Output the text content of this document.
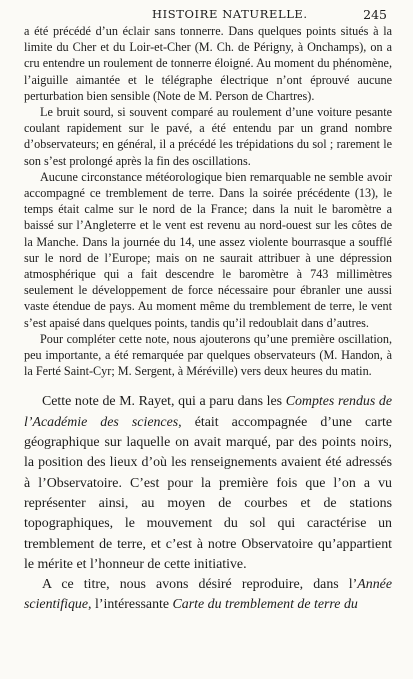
HISTOIRE NATURELLE.	245

a été précédé d’un éclair sans tonnerre. Dans quelques points situés à la limite du Cher et du Loir-et-Cher (M. Ch. de Périgny, à Onchamps), on a cru entendre un roulement de tonnerre éloigné. Au moment du phénomène, l’aiguille aimantée et le télégraphe électrique n’ont éprouvé aucune perturbation bien sensible (Note de M. Person de Chartres).

Le bruit sourd, si souvent comparé au roulement d’une voiture pesante coulant rapidement sur le pavé, a été entendu par un grand nombre d’observateurs; en général, il a précédé les trépidations du sol ; rarement le son s’est prolongé après la fin des oscillations.

Aucune circonstance météorologique bien remarquable ne semble avoir accompagné ce tremblement de terre. Dans la soirée précédente (13), le temps était calme sur le nord de la France; dans la nuit le baromètre a baissé sur l’Angleterre et le vent est revenu au nord-ouest sur les côtes de la Manche. Dans la journée du 14, une assez violente bourrasque a soufflé sur le nord de l’Europe; mais on ne saurait attribuer à une dépression atmosphérique qui a fait descendre le baromètre à 743 millimètres seulement le développement de force nécessaire pour ébranler une aussi vaste étendue de pays. Au moment même du tremblement de terre, le vent s’est apaisé dans quelques points, tandis qu’il redoublait dans d’autres.

Pour compléter cette note, nous ajouterons qu’une première oscillation, peu importante, a été remarquée par quelques observateurs (M. Handon, à la Ferté Saint-Cyr; M. Sergent, à Méréville) vers deux heures du matin.

Cette note de M. Rayet, qui a paru dans les Comptes rendus de l’Académie des sciences, était accompagnée d’une carte géographique sur laquelle on avait marqué, par des points noirs, la position des lieux d’où les renseignements avaient été adressés à l’Observatoire. C’est pour la première fois que l’on a vu représenter ainsi, au moyen de courbes et de stations topographiques, le mouvement du sol qui caractérise un tremblement de terre, et c’est à notre Observatoire qu’appartient le mérite et l’honneur de cette initiative.

A ce titre, nous avons désiré reproduire, dans l’Année scientifique, l’intéressante Carte du tremblement de terre du
